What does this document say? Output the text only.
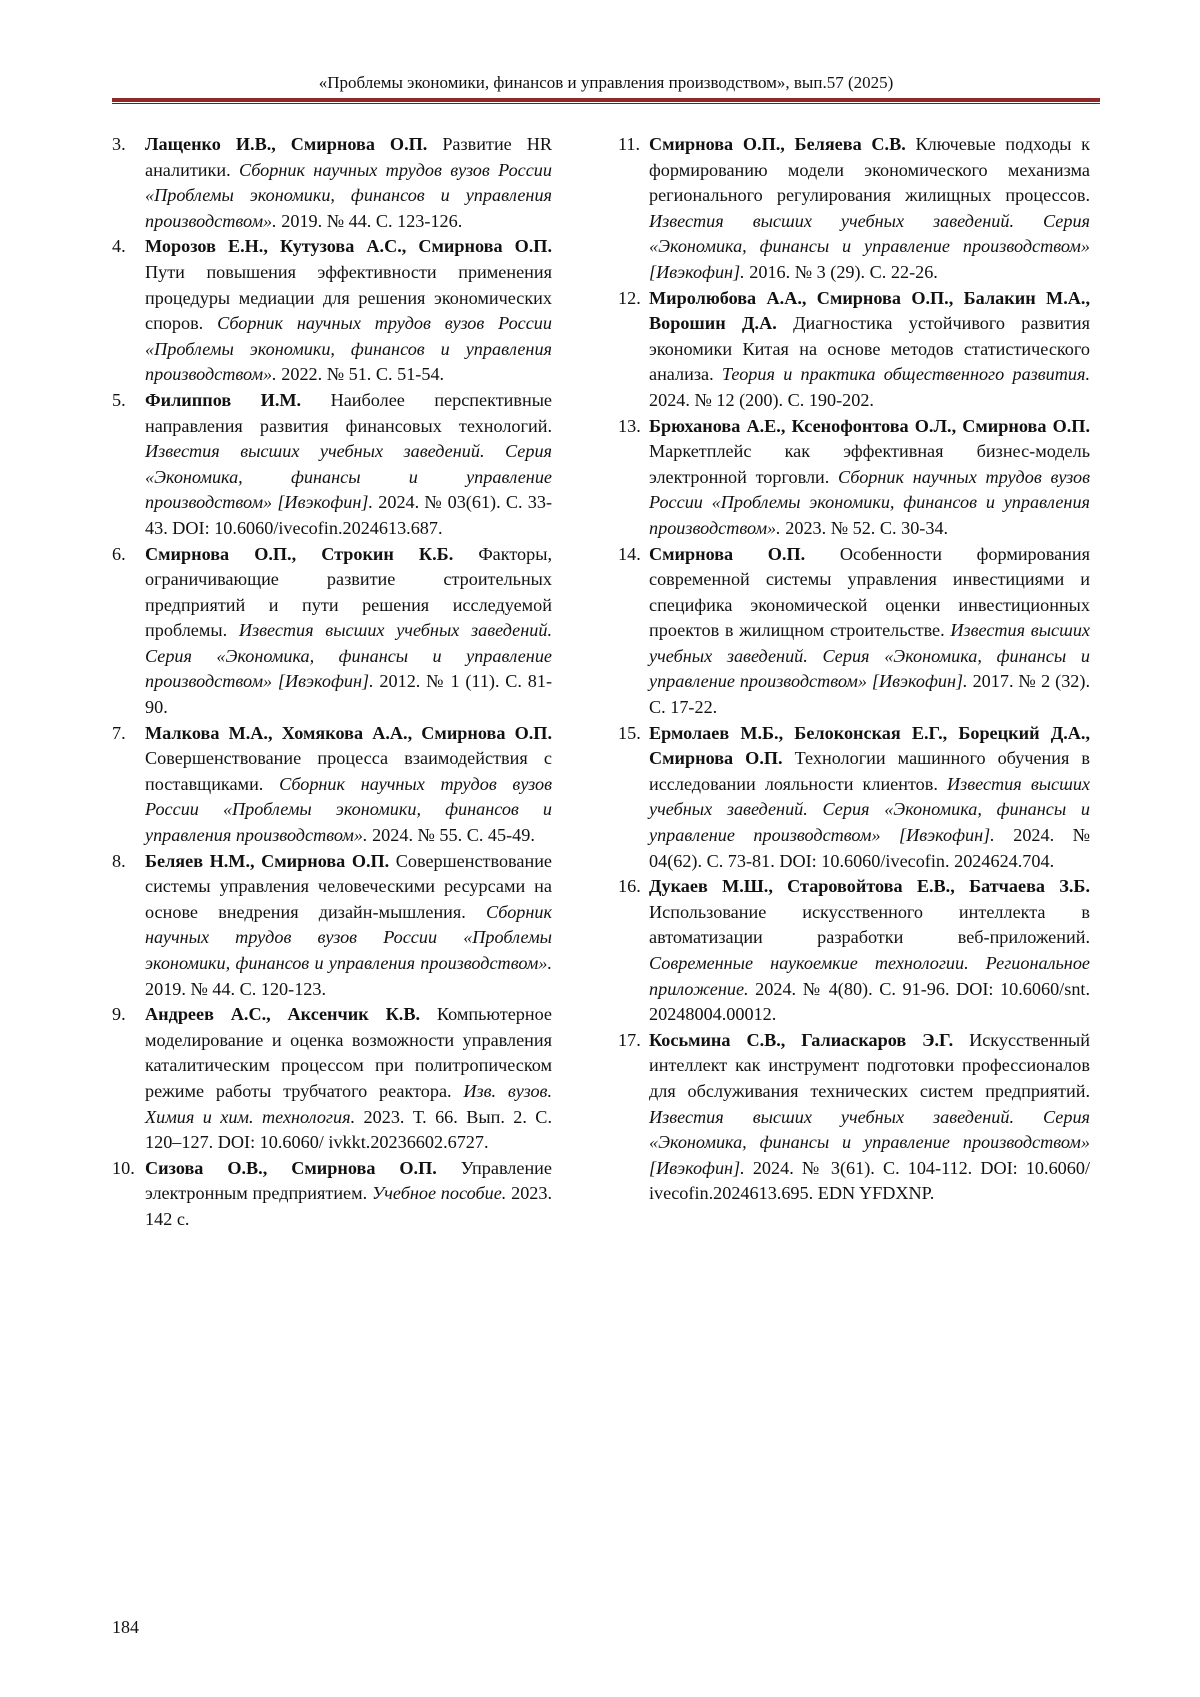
«Проблемы экономики, финансов и управления производством», вып.57 (2025)
3. Лащенко И.В., Смирнова О.П. Развитие HR аналитики. Сборник научных трудов вузов России «Проблемы экономики, финансов и управления производством». 2019. № 44. С. 123-126.
4. Морозов Е.Н., Кутузова А.С., Смирнова О.П. Пути повышения эффективности применения процедуры медиации для решения экономических споров. Сборник научных трудов вузов России «Проблемы экономики, финансов и управления производством». 2022. № 51. С. 51-54.
5. Филиппов И.М. Наиболее перспективные направления развития финансовых технологий. Известия высших учебных заведений. Серия «Экономика, финансы и управление производством» [Ивэкофин]. 2024. № 03(61). С. 33-43. DOI: 10.6060/ivecofin.2024613.687.
6. Смирнова О.П., Строкин К.Б. Факторы, ограничивающие развитие строительных предприятий и пути решения исследуемой проблемы. Известия высших учебных заведений. Серия «Экономика, финансы и управление производством» [Ивэкофин]. 2012. № 1 (11). С. 81-90.
7. Малкова М.А., Хомякова А.А., Смирнова О.П. Совершенствование процесса взаимодействия с поставщиками. Сборник научных трудов вузов России «Проблемы экономики, финансов и управления производством». 2024. № 55. С. 45-49.
8. Беляев Н.М., Смирнова О.П. Совершенствование системы управления человеческими ресурсами на основе внедрения дизайн-мышления. Сборник научных трудов вузов России «Проблемы экономики, финансов и управления производством». 2019. № 44. С. 120-123.
9. Андреев А.С., Аксенчик К.В. Компьютерное моделирование и оценка возможности управления каталитическим процессом при политропическом режиме работы трубчатого реактора. Изв. вузов. Химия и хим. технология. 2023. Т. 66. Вып. 2. С. 120–127. DOI: 10.6060/ ivkkt.20236602.6727.
10. Сизова О.В., Смирнова О.П. Управление электронным предприятием. Учебное пособие. 2023. 142 с.
11. Смирнова О.П., Беляева С.В. Ключевые подходы к формированию модели экономического механизма регионального регулирования жилищных процессов. Известия высших учебных заведений. Серия «Экономика, финансы и управление производством» [Ивэкофин]. 2016. № 3 (29). С. 22-26.
12. Миролюбова А.А., Смирнова О.П., Балакин М.А., Ворошин Д.А. Диагностика устойчивого развития экономики Китая на основе методов статистического анализа. Теория и практика общественного развития. 2024. № 12 (200). С. 190-202.
13. Брюханова А.Е., Ксенофонтова О.Л., Смирнова О.П. Маркетплейс как эффективная бизнес-модель электронной торговли. Сборник научных трудов вузов России «Проблемы экономики, финансов и управления производством». 2023. № 52. С. 30-34.
14. Смирнова О.П. Особенности формирования современной системы управления инвестициями и специфика экономической оценки инвестиционных проектов в жилищном строительстве. Известия высших учебных заведений. Серия «Экономика, финансы и управление производством» [Ивэкофин]. 2017. № 2 (32). С. 17-22.
15. Ермолаев М.Б., Белоконская Е.Г., Борецкий Д.А., Смирнова О.П. Технологии машинного обучения в исследовании лояльности клиентов. Известия высших учебных заведений. Серия «Экономика, финансы и управление производством» [Ивэкофин]. 2024. № 04(62). С. 73-81. DOI: 10.6060/ivecofin. 2024624.704.
16. Дукаев М.Ш., Старовойтова Е.В., Батчаева З.Б. Использование искусственного интеллекта в автоматизации разработки веб-приложений. Современные наукоемкие технологии. Региональное приложение. 2024. № 4(80). С. 91-96. DOI: 10.6060/snt. 20248004.00012.
17. Косьмина С.В., Галиаскаров Э.Г. Искусственный интеллект как инструмент подготовки профессионалов для обслуживания технических систем предприятий. Известия высших учебных заведений. Серия «Экономика, финансы и управление производством» [Ивэкофин]. 2024. № 3(61). С. 104-112. DOI: 10.6060/ ivecofin.2024613.695. EDN YFDXNP.
184
